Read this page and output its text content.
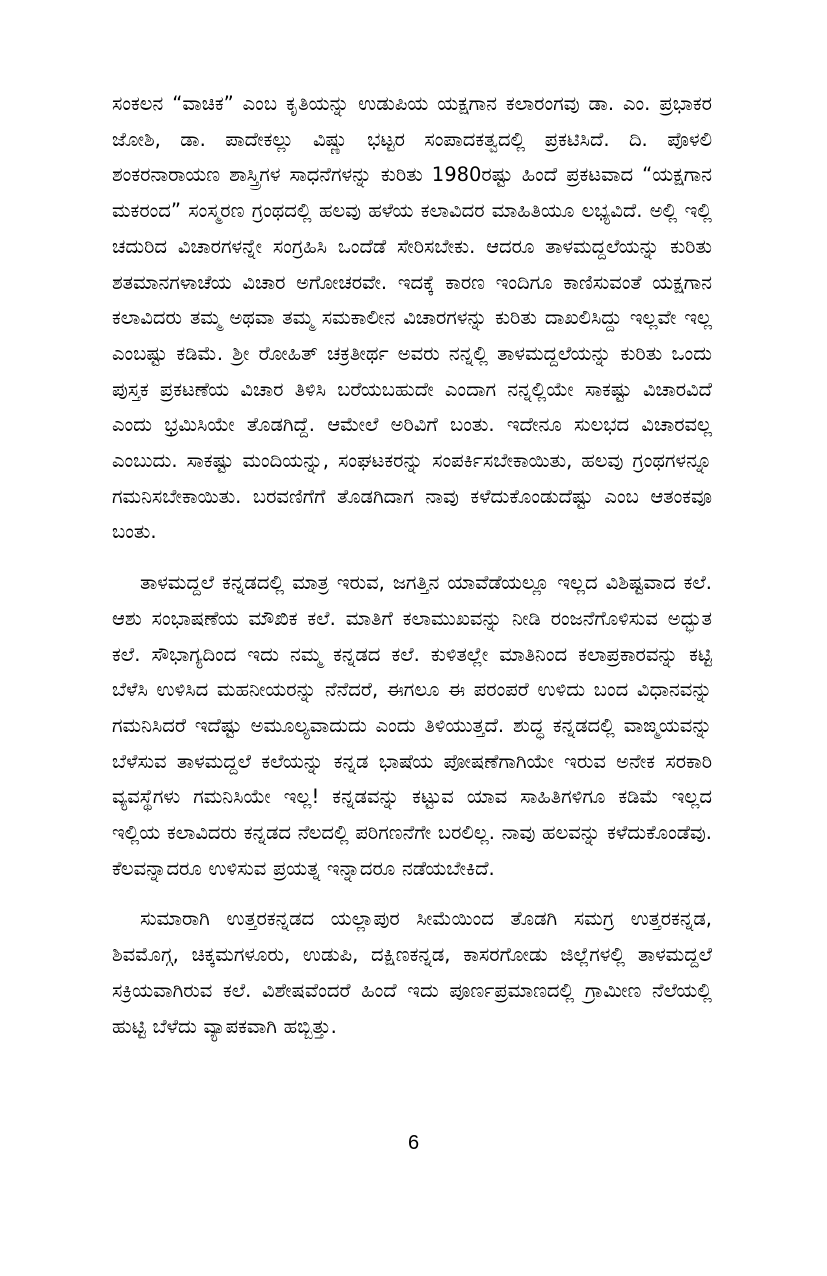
ಸಂಕಲನ “ವಾಚಿಕ” ಎಂಬ ಕೃತಿಯನ್ನು ಉಡುಪಿಯ ಯಕ್ಷಗಾನ ಕಲಾರಂಗವು ಡಾ. ಎಂ. ಪ್ರಭಾಕರ ಜೋಶಿ, ಡಾ. ಪಾದೇಕಲ್ಲು ವಿಷ್ಣು ಭಟ್ಟರ ಸಂಪಾದಕತ್ವದಲ್ಲಿ ಪ್ರಕಟಿಸಿದೆ. ದಿ. ಪೊಳಲಿ ಶಂಕರನಾರಾಯಣ ಶಾಸ್ತ್ರಿಗಳ ಸಾಧನೆಗಳನ್ನು ಕುರಿತು 1980ರಷ್ಟು ಹಿಂದೆ ಪ್ರಕಟವಾದ “ಯಕ್ಷಗಾನ ಮಕರಂದ” ಸಂಸ್ಮರಣ ಗ್ರಂಥದಲ್ಲಿ ಹಲವು ಹಳೆಯ ಕಲಾವಿದರ ಮಾಹಿತಿಯೂ ಲಭ್ಯವಿದೆ. ಅಲ್ಲಿ ಇಲ್ಲಿ ಚದುರಿದ ವಿಚಾರಗಳನ್ನೇ ಸಂಗ್ರಹಿಸಿ ಒಂದೆಡೆ ಸೇರಿಸಬೇಕು. ಆದರೂ ತಾಳಮದ್ದಲೆಯನ್ನು ಕುರಿತು ಶತಮಾನಗಳಾಚೆಯ ವಿಚಾರ ಅಗೋಚರವೇ. ಇದಕ್ಕೆ ಕಾರಣ ಇಂದಿಗೂ ಕಾಣಿಸುವಂತೆ ಯಕ್ಷಗಾನ ಕಲಾವಿದರು ತಮ್ಮ ಅಥವಾ ತಮ್ಮ ಸಮಕಾಲೀನ ವಿಚಾರಗಳನ್ನು ಕುರಿತು ದಾಖಲಿಸಿದ್ದು ಇಲ್ಲವೇ ಇಲ್ಲ ಎಂಬಷ್ಟು ಕಡಿಮೆ. ಶ್ರೀ ರೋಹಿತ್ ಚಕ್ರತೀರ್ಥ ಅವರು ನನ್ನಲ್ಲಿ ತಾಳಮದ್ದಲೆಯನ್ನು ಕುರಿತು ಒಂದು ಪುಸ್ತಕ ಪ್ರಕಟಣೆಯ ವಿಚಾರ ತಿಳಿಸಿ ಬರೆಯಬಹುದೇ ಎಂದಾಗ ನನ್ನಲ್ಲಿಯೇ ಸಾಕಷ್ಟು ವಿಚಾರವಿದೆ ಎಂದು ಭ್ರಮಿಸಿಯೇ ತೊಡಗಿದ್ದೆ. ಆಮೇಲೆ ಅರಿವಿಗೆ ಬಂತು. ಇದೇನೂ ಸುಲಭದ ವಿಚಾರವಲ್ಲ ಎಂಬುದು. ಸಾಕಷ್ಟು ಮಂದಿಯನ್ನು, ಸಂಘಟಕರನ್ನು ಸಂಪರ್ಕಿಸಬೇಕಾಯಿತು, ಹಲವು ಗ್ರಂಥಗಳನ್ನೂ ಗಮನಿಸಬೇಕಾಯಿತು. ಬರವಣಿಗೆಗೆ ತೊಡಗಿದಾಗ ನಾವು ಕಳೆದುಕೊಂಡುದೆಷ್ಟು ಎಂಬ ಆತಂಕವೂ ಬಂತು.

ತಾಳಮದ್ದಲೆ ಕನ್ನಡದಲ್ಲಿ ಮಾತ್ರ ಇರುವ, ಜಗತ್ತಿನ ಯಾವೆಡೆಯಲ್ಲೂ ಇಲ್ಲದ ವಿಶಿಷ್ಟವಾದ ಕಲೆ. ಆಶು ಸಂಭಾಷಣೆಯ ಮೌಖಿಕ ಕಲೆ. ಮಾತಿಗೆ ಕಲಾಮುಖವನ್ನು ನೀಡಿ ರಂಜನೆಗೊಳಿಸುವ ಅದ್ಭುತ ಕಲೆ. ಸೌಭಾಗ್ಯದಿಂದ ಇದು ನಮ್ಮ ಕನ್ನಡದ ಕಲೆ. ಕುಳಿತಲ್ಲೇ ಮಾತಿನಿಂದ ಕಲಾಪ್ರಕಾರವನ್ನು ಕಟ್ಟಿ ಬೆಳೆಸಿ ಉಳಿಸಿದ ಮಹನೀಯರನ್ನು ನೆನೆದರೆ, ಈಗಲೂ ಈ ಪರಂಪರೆ ಉಳಿದು ಬಂದ ವಿಧಾನವನ್ನು ಗಮನಿಸಿದರೆ ಇದೆಷ್ಟು ಅಮೂಲ್ಯವಾದುದು ಎಂದು ತಿಳಿಯುತ್ತದೆ. ಶುದ್ಧ ಕನ್ನಡದಲ್ಲಿ ವಾಙ್ಮಯವನ್ನು ಬೆಳೆಸುವ ತಾಳಮದ್ದಲೆ ಕಲೆಯನ್ನು ಕನ್ನಡ ಭಾಷೆಯ ಪೋಷಣೆಗಾಗಿಯೇ ಇರುವ ಅನೇಕ ಸರಕಾರಿ ವ್ಯವಸ್ಥೆಗಳು ಗಮನಿಸಿಯೇ ಇಲ್ಲ! ಕನ್ನಡವನ್ನು ಕಟ್ಟುವ ಯಾವ ಸಾಹಿತಿಗಳಿಗೂ ಕಡಿಮೆ ಇಲ್ಲದ ಇಲ್ಲಿಯ ಕಲಾವಿದರು ಕನ್ನಡದ ನೆಲದಲ್ಲಿ ಪರಿಗಣನೆಗೇ ಬರಲಿಲ್ಲ. ನಾವು ಹಲವನ್ನು ಕಳೆದುಕೊಂಡೆವು. ಕೆಲವನ್ನಾದರೂ ಉಳಿಸುವ ಪ್ರಯತ್ನ ಇನ್ನಾದರೂ ನಡೆಯಬೇಕಿದೆ.

ಸುಮಾರಾಗಿ ಉತ್ತರಕನ್ನಡದ ಯಲ್ಲಾಪುರ ಸೀಮೆಯಿಂದ ತೊಡಗಿ ಸಮಗ್ರ ಉತ್ತರಕನ್ನಡ, ಶಿವಮೊಗ್ಗ, ಚಿಕ್ಕಮಗಳೂರು, ಉಡುಪಿ, ದಕ್ಷಿಣಕನ್ನಡ, ಕಾಸರಗೋಡು ಜಿಲ್ಲೆಗಳಲ್ಲಿ ತಾಳಮದ್ದಲೆ ಸಕ್ರಿಯವಾಗಿರುವ ಕಲೆ. ವಿಶೇಷವೆಂದರೆ ಹಿಂದೆ ಇದು ಪೂರ್ಣಪ್ರಮಾಣದಲ್ಲಿ ಗ್ರಾಮೀಣ ನೆಲೆಯಲ್ಲಿ ಹುಟ್ಟಿ ಬೆಳೆದು ವ್ಯಾಪಕವಾಗಿ ಹಬ್ಬಿತ್ತು.

6
